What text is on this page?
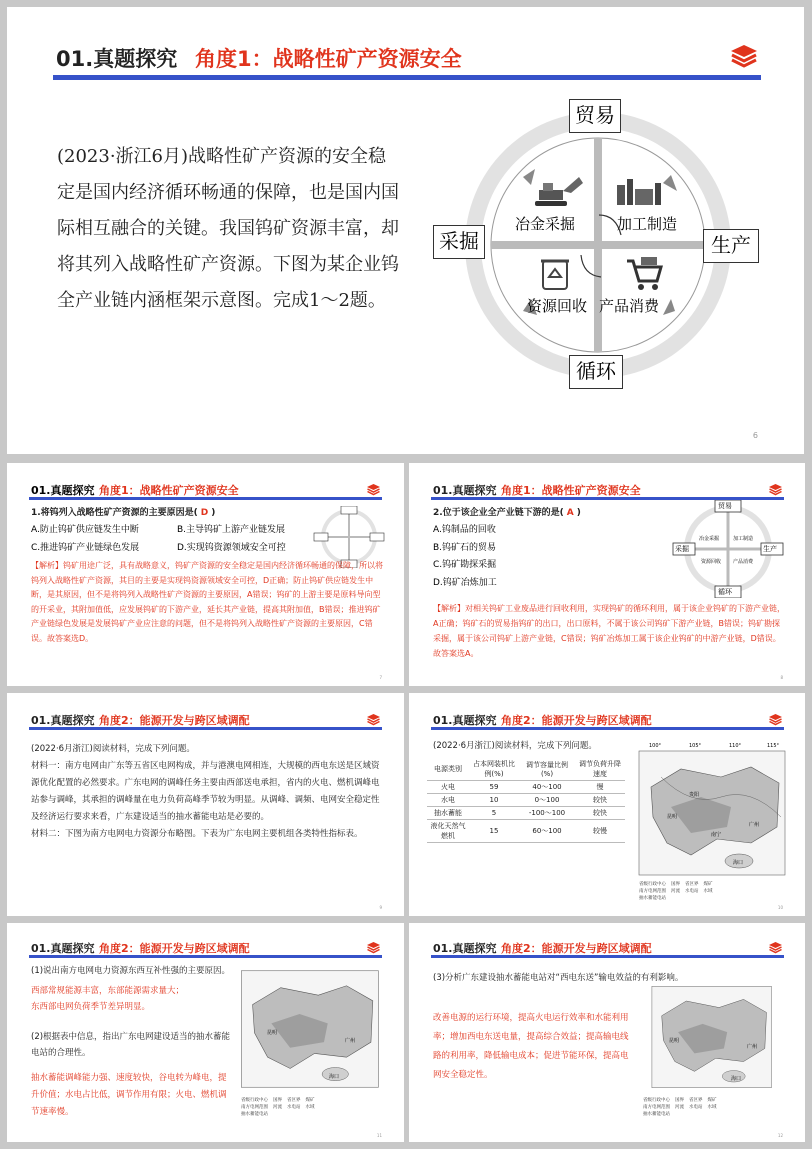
01.真题探究 角度1：战略性矿产资源安全
(2023·浙江6月)战略性矿产资源的安全稳定是国内经济循环畅通的保障，也是国内国际相互融合的关键。我国钨矿资源丰富，却将其列入战略性矿产资源。下图为某企业钨全产业链内涵框架示意图。完成1～2题。
贸易
采掘	生产
循环
冶金采掘	加工制造
资源回收 产品消费
6
01.真题探究 角度1：战略性矿产资源安全
1.将钨列入战略性矿产资源的主要原因是( D )
A.防止钨矿供应链发生中断	B.主导钨矿上游产业链发展
C.推进钨矿产业链绿色发展	D.实现钨资源领域安全可控
【解析】钨矿用途广泛，具有战略意义，钨矿产资源的安全稳定是国内经济循环畅通的保障，所以将钨列入战略性矿产资源，其目的主要是实现钨资源领域安全可控，D正确；防止钨矿供应链发生中断，是其原因，但不是将钨列入战略性矿产资源的主要原因，A错误；钨矿的上游主要是原料导向型的开采业，其附加值低，应发展钨矿的下游产业，延长其产业链，提高其附加值，B错误；推进钨矿产业链绿色发展是发展钨矿产业应注意的问题，但不是将钨列入战略性矿产资源的主要原因，C错误。故答案选D。
7
01.真题探究 角度1：战略性矿产资源安全
2.位于该企业全产业链下游的是( A )
A.钨制品的回收
B.钨矿石的贸易
C.钨矿勘探采掘
D.钨矿冶炼加工
贸易
采掘	生产
循环
冶金采掘	加工制造
资源回收 产品消费
【解析】对相关钨矿工业废品进行回收利用，实现钨矿的循环利用，属于该企业钨矿的下游产业链，A正确；钨矿石的贸易指钨矿的出口，出口原料，不属于该公司钨矿下游产业链，B错误；钨矿勘探采掘，属于该公司钨矿上游产业链，C错误；钨矿冶炼加工属于该企业钨矿的中游产业链，D错误。故答案选A。
8
01.真题探究 角度2：能源开发与跨区域调配

(2022·6月浙江)阅读材料，完成下列问题。

材料一：南方电网由广东等五省区电网构成，并与港澳电网相连，大规模的西电东送是区域资源优化配置的必然要求。广东电网的调峰任务主要由西部送电承担，省内的火电、燃机调峰电站参与调峰，其承担的调峰量在电力负荷高峰季节较为明显。从调峰、调频、电网安全稳定性及经济运行要求来看，广东建设适当的抽水蓄能电站是必要的。

材料二：下图为南方电网电力资源分布略图。下表为广东电网主要机组各类特性指标表。

9
01.真题探究 角度2：能源开发与跨区域调配
(2022·6月浙江)阅读材料，完成下列问题。
电源类别	占本网装机比例(%)	调节容量比例(%)	调节负荷升降速度
火电	59	40～100	慢
水电	10	0～100	较快
抽水蓄能	5	-100～100	较快
液化天然气燃机	15	60～100	较慢
100°	105°	110°	115°
贵阳
昆明
南宁
广州
海口
省级行政中心 国界 省区界 煤矿
南方电网范围 河流 水电站 水域
抽水蓄能电站
10
01.真题探究 角度2：能源开发与跨区域调配
(1)说出南方电网电力资源东西互补性强的主要原因。

西部常规能源丰富，东部能源需求量大；

东西部电网负荷季节差异明显。

(2)根据表中信息，指出广东电网建设适当的抽水蓄能电站的合理性。
抽水蓄能调峰能力强、速度较快，谷电转为峰电，提升价值；水电占比低，调节作用有限；火电、燃机调节速率慢。
昆明
广州
海口
省级行政中心 国界 省区界 煤矿
南方电网范围 河流 水电站 水域
抽水蓄能电站
11
01.真题探究 角度2：能源开发与跨区域调配
(3)分析广东建设抽水蓄能电站对“西电东送”输电效益的有利影响。
改善电源的运行环境，提高火电运行效率和水能利用率；增加西电东送电量，提高综合效益；提高输电线路的利用率，降低输电成本；促进节能环保，提高电网安全稳定性。
昆明
广州
海口
省级行政中心 国界 省区界 煤矿
南方电网范围 河流 水电站 水域
抽水蓄能电站
12
